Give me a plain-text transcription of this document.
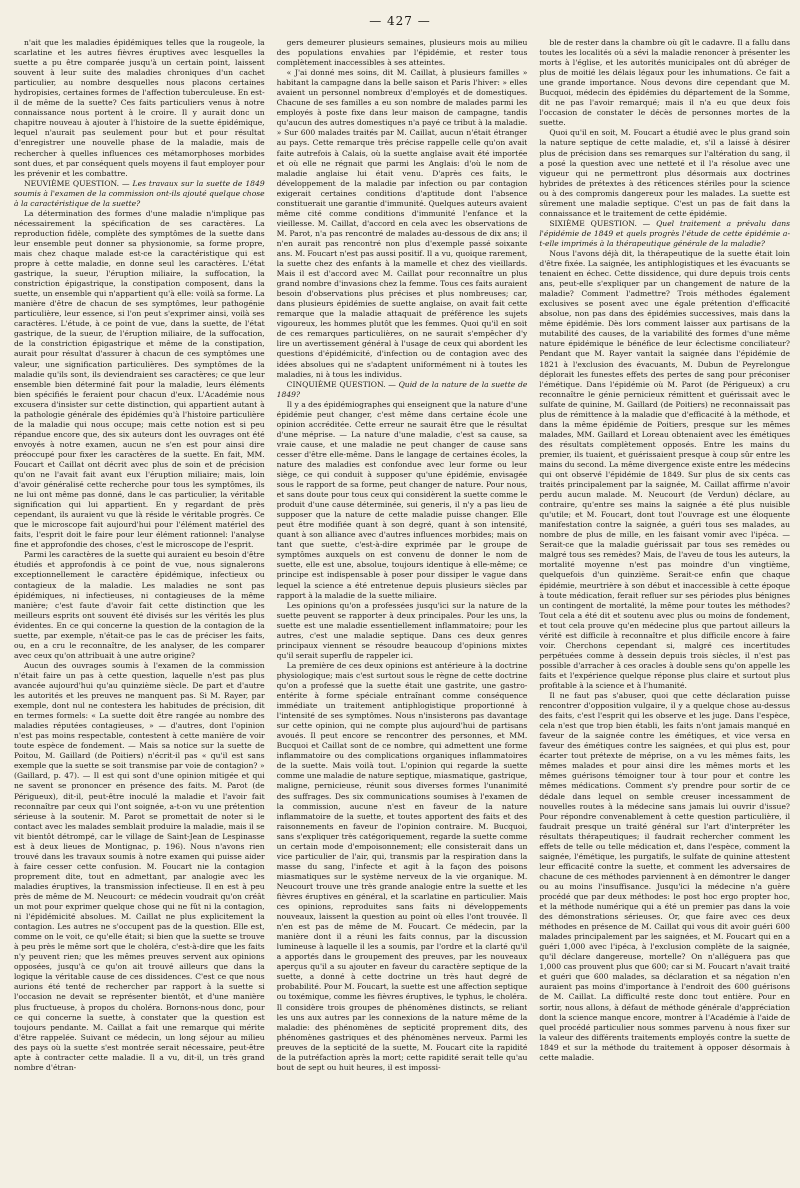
— 427 —

n'ait que les maladies épidémiques telles que la rougeole, la scarlatine et les autres fièvres éruptives avec lesquelles la suette a pu être comparée jusqu'à un certain point, laissent souvent à leur suite des maladies chroniques d'un cachet particulier, au nombre desquelles nous placons certaines hydropisies, certaines formes de l'affection tuberculeuse. En est-il de même de la suette? Ces faits particuliers venus à notre connaissance nous portent à le croire. Il y aurait donc un chapitre nouveau à ajouter à l'histoire de la suette épidémique, lequel n'aurait pas seulement pour but et pour résultat d'enregistrer une nouvelle phase de la maladie, mais de rechercher à quelles influences ces métamorphoses morbides sont dues, et par conséquent quels moyens il faut employer pour les prévenir et les combattre.

NEUVIÈME QUESTION. — Les travaux sur la suette de 1849 soumis à l'examen de la commission ont-ils ajouté quelque chose à la caractéristique de la suette?

La détermination des formes d'une maladie n'implique pas nécessairement la spécification de ses caractères. La reproduction fidèle, complète des symptômes de la suette dans leur ensemble peut donner sa physionomie, sa forme propre, mais chez chaque malade est-ce la caractéristique qui est propre à cette maladie, en donne seul les caractères. L'état gastrique, la sueur, l'éruption miliaire, la suffocation, la constriction épigastrique, la constipation composent, dans la suette, un ensemble qui n'appartient qu'à elle: voilà sa forme. La manière d'être de chacun de ses symptômes, leur pathogénie particulière, leur essence, si l'on peut s'exprimer ainsi, voilà ses caractères. L'étude, à ce point de vue, dans la suette, de l'état gastrique, de la sueur, de l'éruption miliaire, de la suffocation, de la constriction épigastrique et même de la constipation, aurait pour résultat d'assurer à chacun de ces symptômes une valeur, une signification particulières. Des symptômes de la maladie qu'ils sont, ils deviendraient ses caractères; ce que leur ensemble bien déterminé fait pour la maladie, leurs éléments bien spécifiés le feraient pour chacun d'eux. L'Académie nous excusera d'insister sur cette distinction, qui appartient autant à la pathologie générale des épidémies qu'à l'histoire particulière de la maladie qui nous occupe; mais cette notion est si peu répandue encore que, des six auteurs dont les ouvrages ont été envoyés à notre examen, aucun ne s'en est pour ainsi dire préoccupé pour fixer les caractères de la suette. En fait, MM. Foucart et Caillat ont décrit avec plus de soin et de précision qu'on ne l'avait fait avant eux l'éruption miliaire; mais, loin d'avoir généralisé cette recherche pour tous les symptômes, ils ne lui ont même pas donné, dans le cas particulier, la véritable signification qui lui appartient. En y regardant de près cependant, ils auraient vu que là réside le véritable progrès. Ce que le microscope fait aujourd'hui pour l'élément matériel des faits, l'esprit doit le faire pour leur élément rationnel: l'analyse fine et approfondie des choses, c'est le microscope de l'esprit.

Parmi les caractères de la suette qui auraient eu besoin d'être étudiés et approfondis à ce point de vue, nous signalerons exceptionnellement le caractère épidémique, infectieux ou contagieux de la maladie. Les maladies ne sont pas épidémiques, ni infectieuses, ni contagieuses de la même manière; c'est faute d'avoir fait cette distinction que les meilleurs esprits ont souvent été divisés sur les vérités les plus évidentes. En ce qui concerne la question de la contagion de la suette, par exemple, n'était-ce pas le cas de préciser les faits, ou, en a cru le reconnaître, de les analyser, de les comparer avec ceux qu'on attribuait à une autre origine?

Aucun des ouvrages soumis à l'examen de la commission n'était faire un pas à cette question, laquelle n'est pas plus avancée aujourd'hui qu'au quinzième siècle. De part et d'autre les autorités et les preuves ne manquent pas. Si M. Rayer, par exemple, dont nul ne contestera les habitudes de précision, dit en termes formels: « La suette doit être rangée au nombre des maladies réputées contagieuses, » — d'autres, dont l'opinion n'est pas moins respectable, contestent à cette manière de voir toute espèce de fondement. — Mais sa notice sur la suette de Poitou, M. Gaillard (de Poitiers) n'écrit-il pas « qu'il est sans exemple que la suette se soit transmise par voie de contagion? » (Gaillard, p. 47). — Il est qui sont d'une opinion mitigée et qui ne savent se prononcer en présence des faits. M. Parot (de Périgueux), dit-il, peut-être inoculé la maladie et l'avoir fait reconnaître par ceux qui l'ont soignée, a-t-on vu une prétention sérieuse à la soutenir. M. Parot se promettait de noter si le contact avec les malades semblait produire la maladie, mais il se vit bientôt détrompé, car le village de Saint-Jean de Lespinasse est à deux lieues de Montignac, p. 196). Nous n'avons rien trouvé dans les travaux soumis à notre examen qui puisse aider à faire cesser cette confusion. M. Foucart nie la contagion proprement dite, tout en admettant, par analogie avec les maladies éruptives, la transmission infectieuse. Il en est à peu près de même de M. Neucourt: ce médecin voudrait qu'on créât un mot pour exprimer quelque chose qui ne fût ni la contagion, ni l'épidémicité absolues. M. Caillat ne plus explicitement la contagion. Les autres ne s'occupent pas de la question. Elle est, comme on le voit, ce qu'elle était; si bien que la suette se trouve à peu près le même sort que le choléra, c'est-à-dire que les faits n'y peuvent rien; que les mêmes preuves servent aux opinions opposées, jusqu'à ce qu'on ait trouvé ailleurs que dans la logique la véritable cause de ces dissidences. C'est ce que nous aurions été tenté de rechercher par rapport à la suette si l'occasion ne devait se représenter bientôt, et d'une manière plus fructueuse, à propos du choléra. Bornons-nous donc, pour ce qui concerne la suette, à constater que la question est toujours pendante. M. Caillat a fait une remarque qui mérite d'être rappelée. Suivant ce médecin, un long séjour au milieu des pays où la suette s'est montrée serait nécessaire, peut-être apte à contracter cette maladie. Il a vu, dit-il, un très grand nombre d'étran-

gers demeurer plusieurs semaines, plusieurs mois au milieu des populations envahies par l'épidémie, et rester tous complètement inaccessibles à ses atteintes.

« J'ai donné mes soins, dit M. Caillat, à plusieurs familles » habitant la campagne dans la belle saison et Paris l'hiver: » elles avaient un personnel nombreux d'employés et de domestiques. Chacune de ses familles a eu son nombre de malades parmi les employés à poste fixe dans leur maison de campagne, tandis qu'aucun des autres domestiques n'a payé ce tribut à la maladie. » Sur 600 malades traités par M. Caillat, aucun n'était étranger au pays. Cette remarque très précise rappelle celle qu'on avait faite autrefois à Calais, où la suette anglaise avait été importée et où elle ne régnait que parmi les Anglais: d'où le nom de maladie anglaise lui était venu. D'après ces faits, le développement de la maladie par infection ou par contagion exigerait certaines conditions d'aptitude dont l'absence constituerait une garantie d'immunité. Quelques auteurs avaient même cité comme conditions d'immunité l'enfance et la vieillesse. M. Caillat, d'accord en cela avec les observations de M. Parot, n'a pas rencontré de malades au-dessous de dix ans; il n'en aurait pas rencontré non plus d'exemple passé soixante ans. M. Foucart n'est pas aussi positif. Il a vu, quoique rarement, la suette chez des enfants à la mamelle et chez des vieillards. Mais il est d'accord avec M. Caillat pour reconnaître un plus grand nombre d'invasions chez la femme. Tous ces faits auraient besoin d'observations plus précises et plus nombreuses; car, dans plusieurs épidémies de suette anglaise, on avait fait cette remarque que la maladie attaquait de préférence les sujets vigoureux, les hommes plutôt que les femmes. Quoi qu'il en soit de ces remarques particulières, on ne saurait s'empêcher d'y lire un avertissement général à l'usage de ceux qui abordent les questions d'épidémicité, d'infection ou de contagion avec des idées absolues qui ne s'adaptent uniformément ni à toutes les maladies, ni à tous les individus.

CINQUIÈME QUESTION. — Quid de la nature de la suette de 1849?

Il y a des épidémiographes qui enseignent que la nature d'une épidémie peut changer, c'est même dans certaine école une opinion accréditée. Cette erreur ne saurait être que le résultat d'une méprise. — La nature d'une maladie, c'est sa cause, sa vraie cause, et une maladie ne peut changer de cause sans cesser d'être elle-même. Dans le langage de certaines écoles, la nature des maladies est confondue avec leur forme ou leur siège, ce qui conduit à supposer qu'une épidémie, envisagée sous le rapport de sa forme, peut changer de nature. Pour nous, et sans doute pour tous ceux qui considèrent la suette comme le produit d'une cause déterminée, sui generis, il n'y a pas lieu de supposer que la nature de cette maladie puisse changer. Elle peut être modifiée quant à son degré, quant à son intensité, quant à son alliance avec d'autres influences morbides; mais on tant que suette, c'est-à-dire exprimée par le groupe de symptômes auxquels on est convenu de donner le nom de suette, elle est une, absolue, toujours identique à elle-même; ce principe est indispensable à poser pour dissiper le vague dans lequel la science a été entretenue depuis plusieurs siècles par rapport à la maladie de la suette miliaire.

Les opinions qu'on a professées jusqu'ici sur la nature de la suette peuvent se rapporter à deux principales. Pour les uns, la suette est une maladie essentiellement inflammatoire; pour les autres, c'est une maladie septique. Dans ces deux genres principaux viennent se résoudre beaucoup d'opinions mixtes qu'il serait superflu de rappeler ici.

La première de ces deux opinions est antérieure à la doctrine physiologique; mais c'est surtout sous le règne de cette doctrine qu'on a professé que la suette était une gastrite, une gastro-entérite à forme spéciale entraînant comme conséquence immédiate un traitement antiphlogistique proportionné à l'intensité de ses symptômes. Nous n'insisterons pas davantage sur cette opinion, qui ne compte plus aujourd'hui de partisans avoués. Il peut encore se rencontrer des personnes, et MM. Bucquoi et Caillat sont de ce nombre, qui admettent une forme inflammatoire ou des complications organiques inflammatoires de la suette. Mais voilà tout. L'opinion qui regarde la suette comme une maladie de nature septique, miasmatique, gastrique, maligne, pernicieuse, réunit sous diverses formes l'unanimité des suffrages. Des six communications soumises à l'examen de la commission, aucune n'est en faveur de la nature inflammatoire de la suette, et toutes apportent des faits et des raisonnements en faveur de l'opinion contraire. M. Bucquoi, sans s'expliquer très catégoriquement, regarde la suette comme un certain mode d'empoisonnement; elle consisterait dans un vice particulier de l'air, qui, transmis par la respiration dans la masse du sang, l'infecte et agit à la façon des poisons miasmatiques sur le système nerveux de la vie organique. M. Neucourt trouve une très grande analogie entre la suette et les fièvres éruptives en général, et la scarlatine en particulier. Mais ces opinions, reproduites sans faits ni développements nouveaux, laissent la question au point où elles l'ont trouvée. Il n'en est pas de même de M. Foucart. Ce médecin, par la manière dont il a réuni les faits connus, par la discussion lumineuse à laquelle il les a soumis, par l'ordre et la clarté qu'il a apportés dans le groupement des preuves, par les nouveaux aperçus qu'il a su ajouter en faveur du caractère septique de la suette, a donné à cette doctrine un très haut degré de probabilité. Pour M. Foucart, la suette est une affection septique ou toxémique, comme les fièvres éruptives, le typhus, le choléra. Il considère trois groupes de phénomènes distincts, se reliant les uns aux autres par les connexions de la nature même de la maladie: des phénomènes de septicité proprement dits, des phénomènes gastriques et des phénomènes nerveux. Parmi les preuves de la septicité de la suette, M. Foucart cite la rapidité de la putréfaction après la mort; cette rapidité serait telle qu'au bout de sept ou huit heures, il est impossi-

ble de rester dans la chambre où gît le cadavre. Il a fallu dans toutes les localités où a sévi la maladie renoncer à présenter les morts à l'église, et les autorités municipales ont dû abréger de plus de moitié les délais légaux pour les inhumations. Ce fait a une grande importance. Nous devons dire cependant que M. Bucquoi, médecin des épidémies du département de la Somme, dit ne pas l'avoir remarqué; mais il n'a eu que deux fois l'occasion de constater le décès de personnes mortes de la suette.

Quoi qu'il en soit, M. Foucart a étudié avec le plus grand soin la nature septique de cette maladie, et, s'il a laissé à désirer plus de précision dans ses remarques sur l'altération du sang, il a posé la question avec une netteté et il l'a résolue avec une vigueur qui ne permettront plus désormais aux doctrines hybrides de prétextes à des réticences stériles pour la science ou à des compromis dangereux pour les malades. La suette est sûrement une maladie septique. C'est un pas de fait dans la connaissance et le traitement de cette épidémie.

SIXIÈME QUESTION. — Quel traitement a prévalu dans l'épidémie de 1849 et quels progrès l'étude de cette épidémie a-t-elle imprimés à la thérapeutique générale de la maladie?

Nous l'avons déjà dit, la thérapeutique de la suette était loin d'être fixée. La saignée, les antiphlogistiques et les évacuants se tenaient en échec. Cette dissidence, qui dure depuis trois cents ans, peut-elle s'expliquer par un changement de nature de la maladie? Comment l'admettre? Trois méthodes également exclusives se posent avec une égale prétention d'efficacité absolue, non pas dans des épidémies successives, mais dans la même épidémie. Dès lors comment laisser aux partisans de la mutabilité des causes, de la variabilité des formes d'une même nature épidémique le bénéfice de leur éclectisme conciliateur? Pendant que M. Rayer vantait la saignée dans l'épidémie de 1821 à l'exclusion des évacuants, M. Dubun de Peyrelongue déplorait les funestes effets des pertes de sang pour préconiser l'émétique. Dans l'épidémie où M. Parot (de Périgueux) a cru reconnaître le génie pernicieux rémittent et guérissait avec le sulfate de quinine, M. Gaillard (de Poitiers) ne reconnaissait pas plus de rémittence à la maladie que d'efficacité à la méthode, et dans la même épidémie de Poitiers, presque sur les mêmes malades, MM. Gaillard et Loreau obtenaient avec les émétiques des résultats complètement opposés. Entre les mains du premier, ils tuaient, et guérissaient presque à coup sûr entre les mains du second. La même divergence existe entre les médecins qui ont observé l'épidémie de 1849. Sur plus de six cents cas traités principalement par la saignée, M. Caillat affirme n'avoir perdu aucun malade. M. Neucourt (de Verdun) déclare, au contraire, qu'entre ses mains la saignée a été plus nuisible qu'utile; et M. Foucart, dont tout l'ouvrage est une éloquente manifestation contre la saignée, a guéri tous ses malades, au nombre de plus de mille, en les faisant vomir avec l'ipéca. — Serait-ce que la maladie guérissait par tous ses remèdes ou malgré tous ses remèdes? Mais, de l'aveu de tous les auteurs, la mortalité moyenne n'est pas moindre d'un vingtième, quelquefois d'un quinzième. Serait-ce enfin que chaque épidémie, meurtrière à son début et inaccessible à cette époque à toute médication, ferait refluer sur ses périodes plus bénignes un contingent de mortalité, la même pour toutes les méthodes? Tout cela a été dit et soutenu avec plus ou moins de fondement, et tout cela prouve qu'en médecine plus que partout ailleurs la vérité est difficile à reconnaître et plus difficile encore à faire voir. Cherchons cependant si, malgré ces incertitudes perpétuées comme à dessein depuis trois siècles, il n'est pas possible d'arracher à ces oracles à double sens qu'on appelle les faits et l'expérience quelque réponse plus claire et surtout plus profitable à la science et à l'humanité.

Il ne faut pas s'abuser, quoi que cette déclaration puisse rencontrer d'opposition vulgaire, il y a quelque chose au-dessus des faits, c'est l'esprit qui les observe et les juge. Dans l'espèce, cela n'est que trop bien établi, les faits n'ont jamais manqué en faveur de la saignée contre les émétiques, et vice versa en faveur des émétiques contre les saignées, et qui plus est, pour écarter tout prétexte de méprise, on a vu les mêmes faits, les mêmes malades et pour ainsi dire les mêmes morts et les mêmes guérisons témoigner tour à tour pour et contre les mêmes médications. Comment s'y prendre pour sortir de ce dédale dans lequel on semble creuser incessamment de nouvelles routes à la médecine sans jamais lui ouvrir d'issue? Pour répondre convenablement à cette question particulière, il faudrait presque un traité général sur l'art d'interpréter les résultats thérapeutiques; il faudrait rechercher comment les effets de telle ou telle médication et, dans l'espèce, comment la saignée, l'émétique, les purgatifs, le sulfate de quinine attestent leur efficacité contre la suette, et comment les adversaires de chacune de ces méthodes parviennent à en démontrer le danger ou au moins l'insuffisance. Jusqu'ici la médecine n'a guère procédé que par deux méthodes: le post hoc ergo propter hoc, et la méthode numérique qui a été un premier pas dans la voie des démonstrations sérieuses. Or, que faire avec ces deux méthodes en présence de M. Caillat qui vous dit avoir guéri 600 malades principalement par les saignées, et M. Foucart qui en a guéri 1,000 avec l'ipéca, à l'exclusion complète de la saignée, qu'il déclare dangereuse, mortelle? On n'alléguera pas que 1,000 cas prouvent plus que 600; car si M. Foucart n'avait traité et guéri que 600 malades, sa déclaration et sa négation n'en auraient pas moins d'importance à l'endroit des 600 guérisons de M. Caillat. La difficulté reste donc tout entière. Pour en sortir, nous allons, à défaut de méthode générale d'appréciation dont la science manque encore, montrer à l'Académie à l'aide de quel procédé particulier nous sommes parvenu à nous fixer sur la valeur des différents traitements employés contre la suette de 1849 et sur la méthode du traitement à opposer désormais à cette maladie.
